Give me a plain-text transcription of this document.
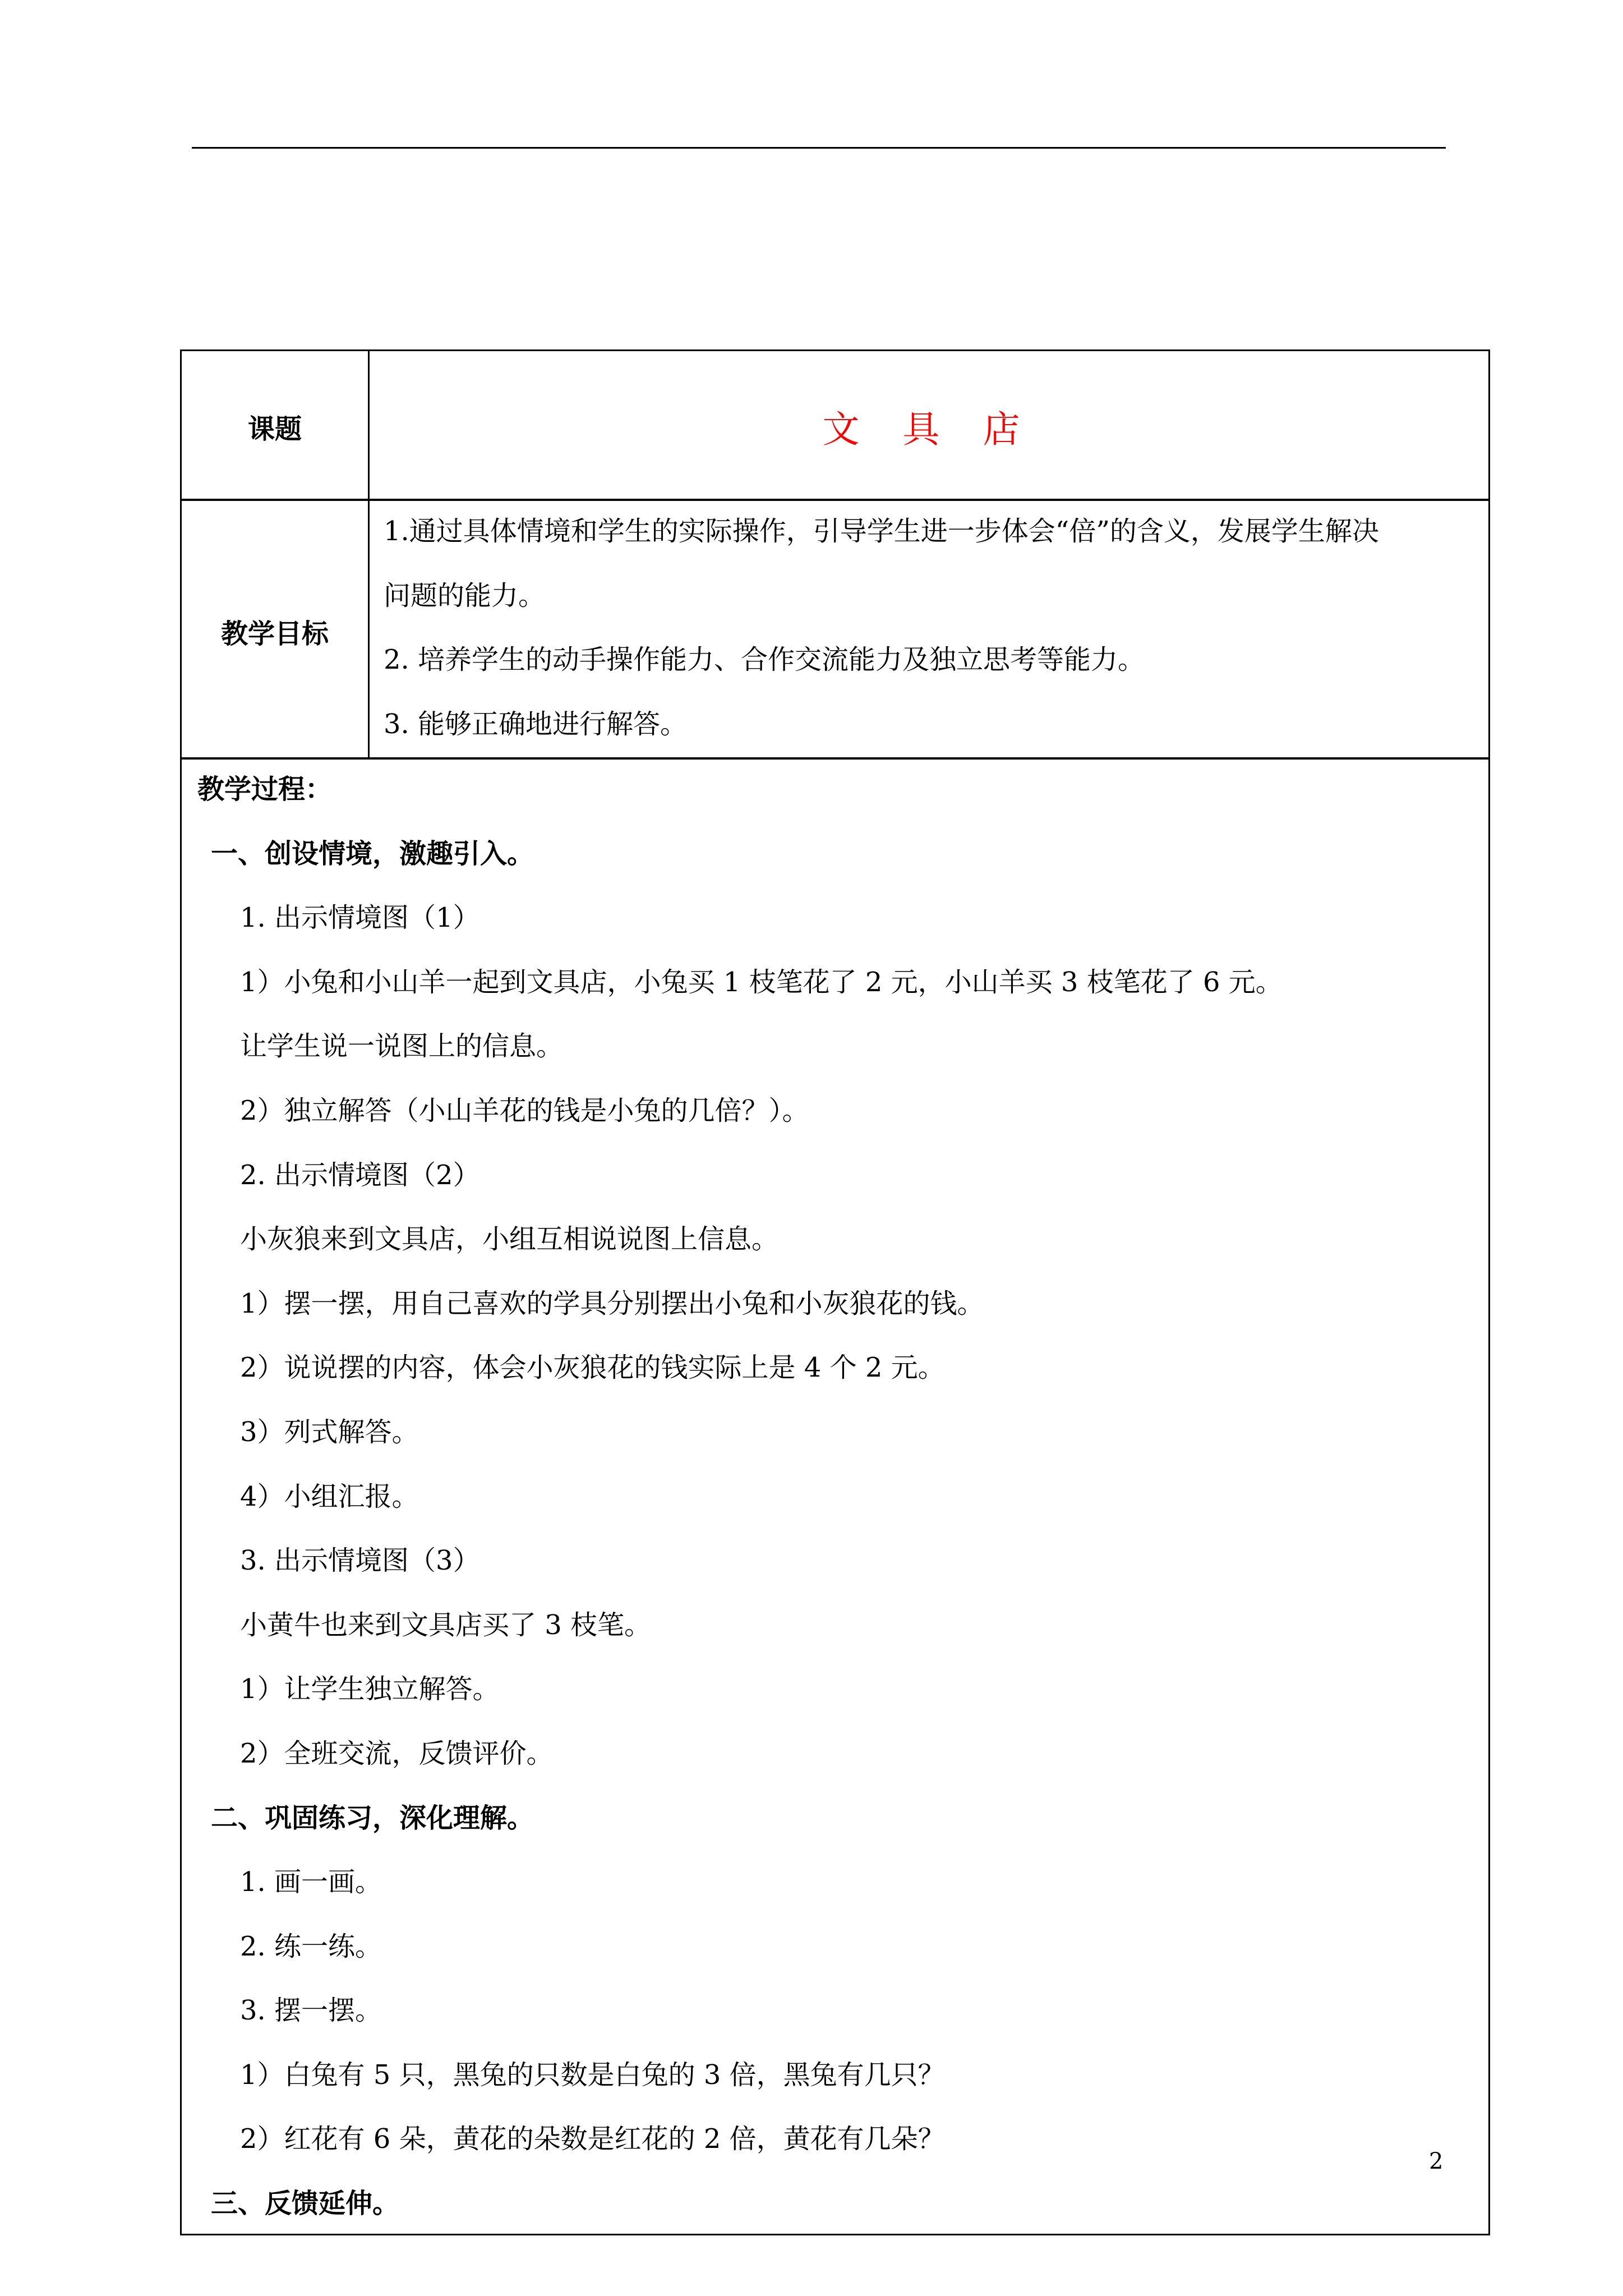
课题	文 具 店
教学目标
1.通过具体情境和学生的实际操作，引导学生进一步体会“倍”的含义，发展学生解决
问题的能力。
2. 培养学生的动手操作能力、合作交流能力及独立思考等能力。
3. 能够正确地进行解答。
教学过程：
一、创设情境，激趣引入。
1. 出示情境图（1）
1）小兔和小山羊一起到文具店，小兔买 1 枝笔花了 2 元，小山羊买 3 枝笔花了 6 元。
让学生说一说图上的信息。
2）独立解答（小山羊花的钱是小兔的几倍？）。
2. 出示情境图（2）
小灰狼来到文具店，小组互相说说图上信息。
1）摆一摆，用自己喜欢的学具分别摆出小兔和小灰狼花的钱。
2）说说摆的内容，体会小灰狼花的钱实际上是 4 个 2 元。
3）列式解答。
4）小组汇报。
3. 出示情境图（3）
小黄牛也来到文具店买了 3 枝笔。
1）让学生独立解答。
2）全班交流，反馈评价。
二、巩固练习，深化理解。
1. 画一画。
2. 练一练。
3. 摆一摆。
1）白兔有 5 只，黑兔的只数是白兔的 3 倍，黑兔有几只？
2）红花有 6 朵，黄花的朵数是红花的 2 倍，黄花有几朵？
三、反馈延伸。
2
